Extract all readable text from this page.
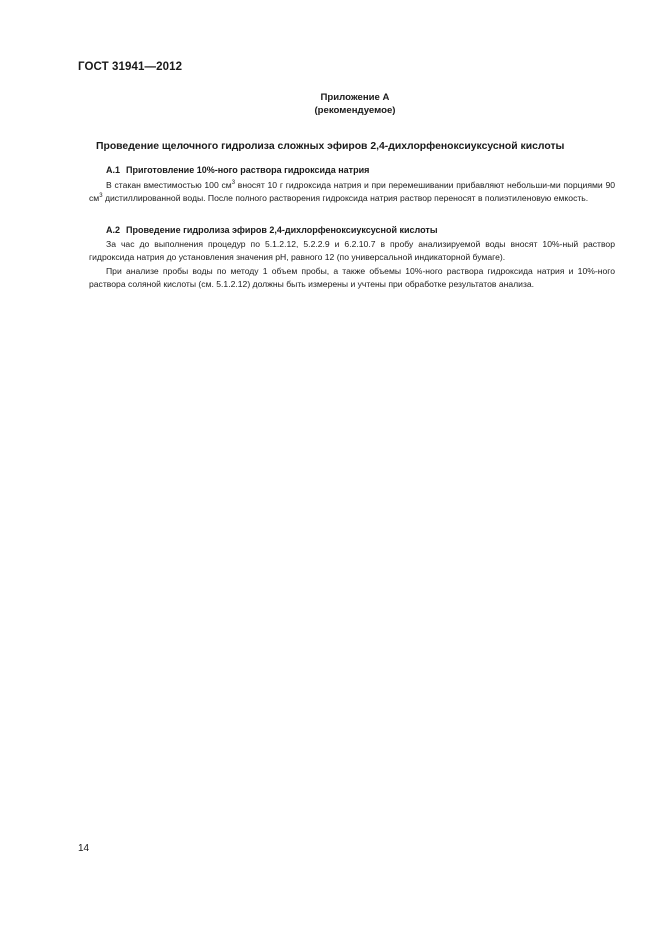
ГОСТ 31941—2012
Приложение А
(рекомендуемое)
Проведение щелочного гидролиза сложных эфиров 2,4-дихлорфеноксиуксусной кислоты
А.1 Приготовление 10%-ного раствора гидроксида натрия

В стакан вместимостью 100 $см^3$ вносят 10 г гидроксида натрия и при перемешивании прибавляют небольши-ми порциями 90 $см^3$ дистиллированной воды. После полного растворения гидроксида натрия раствор переносят в полиэтиленовую емкость.

А.2 Проведение гидролиза эфиров 2,4-дихлорфеноксиуксусной кислоты

За час до выполнения процедур по 5.1.2.12, 5.2.2.9 и 6.2.10.7 в пробу анализируемой воды вносят 10%-ный раствор гидроксида натрия до установления значения рН, равного 12 (по универсальной индикаторной бумаге).

При анализе пробы воды по методу 1 объем пробы, а также объемы 10%-ного раствора гидроксида натрия и 10%-ного раствора соляной кислоты (см. 5.1.2.12) должны быть измерены и учтены при обработке результатов анализа.

14
